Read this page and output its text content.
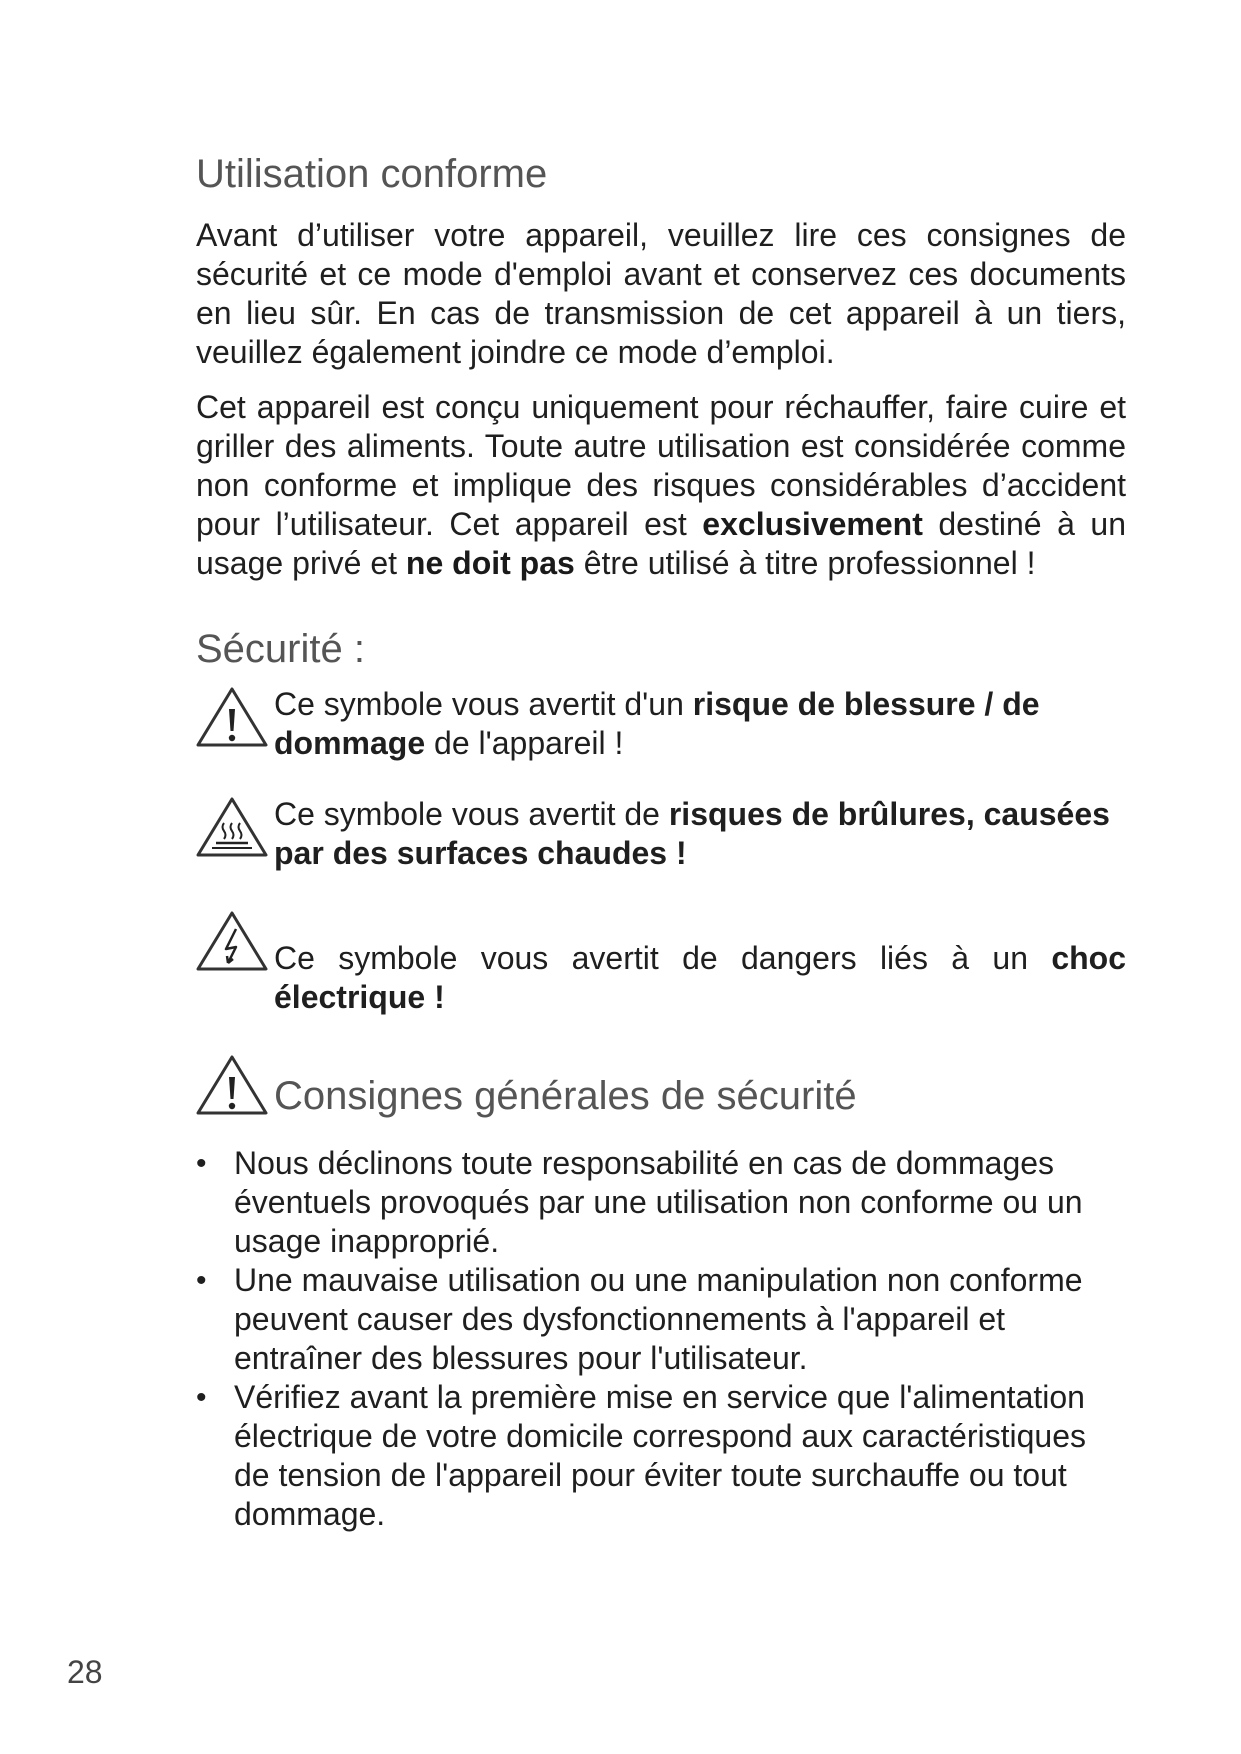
Utilisation conforme

Avant d’utiliser votre appareil, veuillez lire ces consignes de sécurité et ce mode d'emploi avant et conservez ces documents en lieu sûr. En cas de transmission de cet appareil à un tiers, veuillez également joindre ce mode d’emploi.

Cet appareil est conçu uniquement pour réchauffer, faire cuire et griller des aliments. Toute autre utilisation est considérée comme non conforme et implique des risques considérables d’accident pour l’utilisateur. Cet appareil est exclusivement destiné à un usage privé et ne doit pas être utilisé à titre professionnel !

Sécurité :
Ce symbole vous avertit d'un risque de blessure / de dommage de l'appareil !
Ce symbole vous avertit de risques de brûlures, causées par des surfaces chaudes !
Ce symbole vous avertit de dangers liés à un choc électrique !
Consignes générales de sécurité
• Nous déclinons toute responsabilité en cas de dommages éventuels provoqués par une utilisation non conforme ou un usage inapproprié.
• Une mauvaise utilisation ou une manipulation non conforme peuvent causer des dysfonctionnements à l'appareil et entraîner des blessures pour l'utilisateur.
• Vérifiez avant la première mise en service que l'alimentation électrique de votre domicile correspond aux caractéristiques de tension de l'appareil pour éviter toute surchauffe ou tout dommage.
28
